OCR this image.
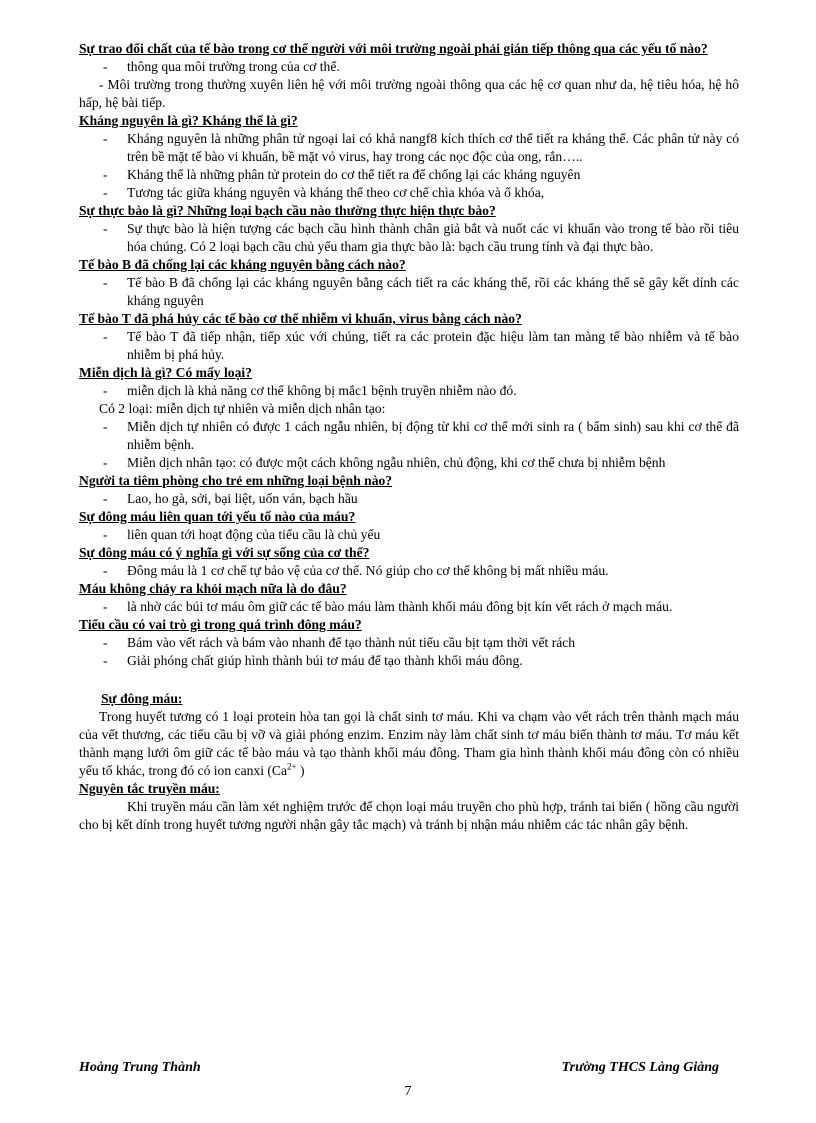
Sự trao đổi chất của tế bào trong cơ thể người với môi trường ngoài phải gián tiếp thông qua các yếu tố nào?

- thông qua môi trường trong của cơ thể.

- Môi trường trong thường xuyên liên hệ với môi trường ngoài thông qua các hệ cơ quan như da, hệ tiêu hóa, hệ hô hấp, hệ bài tiếp.

Kháng nguyên là gì? Kháng thể là gì?

- Kháng nguyên là những phân tử ngoại lai có khả nangf8 kích thích cơ thể tiết ra kháng thể. Các phân tử này có trên bề mặt tế bào vi khuẩn, bề mặt vỏ virus, hay trong các nọc độc của ong, rắn…..

- Kháng thể là những phân tử protein do cơ thể tiết ra để chống lại các kháng nguyên

- Tương tác giữa kháng nguyên và kháng thể theo cơ chế chìa khóa và ổ khóa,

Sự thực bào là gì? Những loại bạch cầu nào thường thực hiện thực bào?

- Sự thực bào là hiện tượng các bạch cầu hình thành chân giả bắt và nuốt các vi khuẩn vào trong tế bào rồi tiêu hóa chúng. Có 2 loại bạch cầu chủ yếu tham gia thực bào là: bạch cầu trung tính và đại thực bào.

Tế bào B đã chống lại các kháng nguyên bằng cách nào?

- Tế bào B đã chống lại các kháng nguyên bằng cách tiết ra các kháng thể, rồi các kháng thể sẽ gây kết dính các kháng nguyên

Tế bào T đã phá hủy các tế bào cơ thể nhiễm vi khuẩn, virus bằng cách nào?

- Tế bào T đã tiếp nhận, tiếp xúc với chúng, tiết ra các protein đặc hiệu làm tan màng tế bào nhiễm và tế bào nhiễm bị phá hủy.

Miễn dịch là gì? Có mấy loại?

- miễn dịch là khả năng cơ thể không bị mắc1 bệnh truyền nhiễm nào đó.

Có 2 loại: miễn dịch tự nhiên và miễn dịch nhân tạo:

- Miễn dịch tự nhiên có được 1 cách ngẫu nhiên, bị động từ khi cơ thể mới sinh ra ( bẩm sinh) sau khi cơ thể đã nhiễm bệnh.

- Miễn dịch nhân tạo: có được một cách không ngẫu nhiên, chủ động, khi cơ thể chưa bị nhiễm bệnh

Người ta tiêm phòng cho trẻ em những loại bệnh nào?

- Lao, ho gà, sởi, bại liệt, uốn ván, bạch hầu

Sự đông máu liên quan tới yếu tố nào của máu?

- liên quan tới hoạt động của tiểu cầu là chủ yếu

Sự đông máu có ý nghĩa gì với sự sống của cơ thể?

- Đông máu là 1 cơ chế tự bảo vệ của cơ thể. Nó giúp cho cơ thể không bị mất nhiều máu.

Máu không chảy ra khỏi mạch nữa là do đâu?

- là nhờ các búi tơ máu ôm giữ các tế bào máu làm thành khối máu đông bịt kín vết rách ở mạch máu.

Tiểu cầu có vai trò gì trong quá trình đông máu?

- Bám vào vết rách và bám vào nhanh để tạo thành nút tiểu cầu bịt tạm thời vết rách

- Giải phóng chất giúp hình thành búi tơ máu để tạo thành khối máu đông.

Sự đông máu:

Trong huyết tương có 1 loại protein hòa tan gọi là chất sinh tơ máu. Khi va chạm vào vết rách trên thành mạch máu của vết thương, các tiểu cầu bị vỡ và giải phóng enzim. Enzim này làm chất sinh tơ máu biến thành tơ máu. Tơ máu kết thành mạng lưới ôm giữ các tế bào máu và tạo thành khối máu đông. Tham gia hình thành khối máu đông còn có nhiều yếu tố khác, trong đó có ion canxi ($Ca^{2+}$ )

Nguyên tắc truyền máu:

Khi truyền máu cần làm xét nghiệm trước để chọn loại máu truyền cho phù hợp, tránh tai biến ( hồng cầu người cho bị kết dính trong huyết tương người nhận gây tắc mạch) và tránh bị nhận máu nhiễm các tác nhân gây bệnh.

Hoàng Trung Thành	Trường THCS Làng Giàng
7
